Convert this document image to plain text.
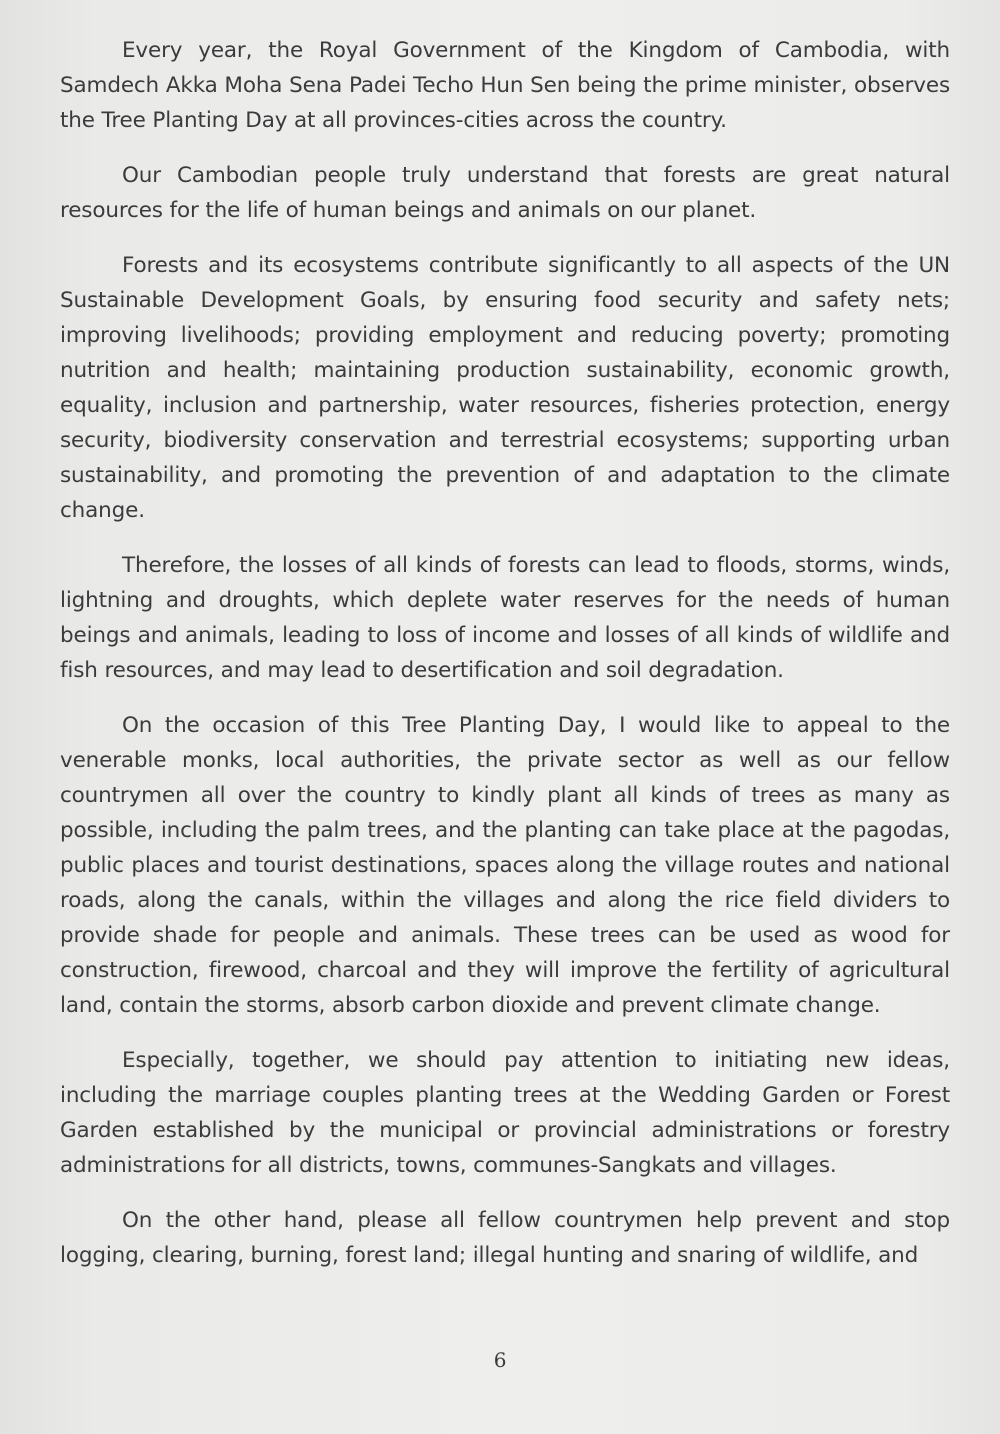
Every year, the Royal Government of the Kingdom of Cambodia, with Samdech Akka Moha Sena Padei Techo Hun Sen being the prime minister, observes the Tree Planting Day at all provinces-cities across the country.

Our Cambodian people truly understand that forests are great natural resources for the life of human beings and animals on our planet.

Forests and its ecosystems contribute significantly to all aspects of the UN Sustainable Development Goals, by ensuring food security and safety nets; improving livelihoods; providing employment and reducing poverty; promoting nutrition and health; maintaining production sustainability, economic growth, equality, inclusion and partnership, water resources, fisheries protection, energy security, biodiversity conservation and terrestrial ecosystems; supporting urban sustainability, and promoting the prevention of and adaptation to the climate change.

Therefore, the losses of all kinds of forests can lead to floods, storms, winds, lightning and droughts, which deplete water reserves for the needs of human beings and animals, leading to loss of income and losses of all kinds of wildlife and fish resources, and may lead to desertification and soil degradation.

On the occasion of this Tree Planting Day, I would like to appeal to the venerable monks, local authorities, the private sector as well as our fellow countrymen all over the country to kindly plant all kinds of trees as many as possible, including the palm trees, and the planting can take place at the pagodas, public places and tourist destinations, spaces along the village routes and national roads, along the canals, within the villages and along the rice field dividers to provide shade for people and animals. These trees can be used as wood for construction, firewood, charcoal and they will improve the fertility of agricultural land, contain the storms, absorb carbon dioxide and prevent climate change.

Especially, together, we should pay attention to initiating new ideas, including the marriage couples planting trees at the Wedding Garden or Forest Garden established by the municipal or provincial administrations or forestry administrations for all districts, towns, communes-Sangkats and villages.

On the other hand, please all fellow countrymen help prevent and stop logging, clearing, burning, forest land; illegal hunting and snaring of wildlife, and

6
